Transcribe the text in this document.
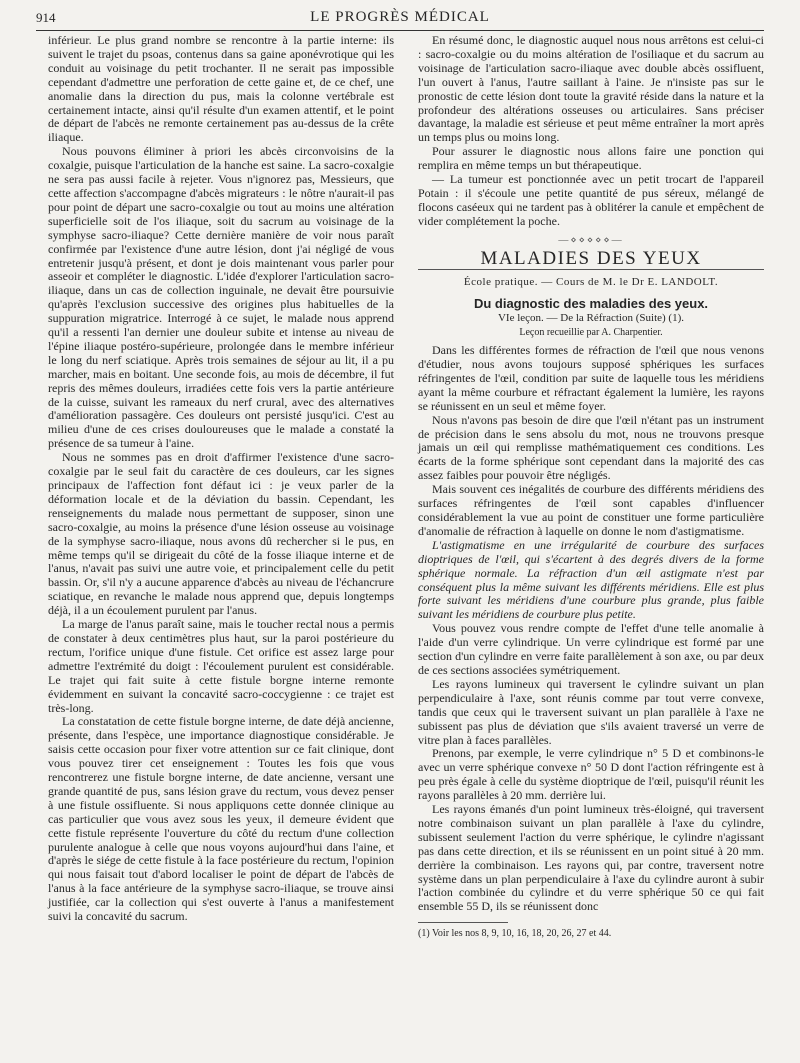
914	LE PROGRÈS MÉDICAL

inférieur. Le plus grand nombre se rencontre à la partie interne: ils suivent le trajet du psoas, contenus dans sa gaine aponévrotique qui les conduit au voisinage du petit trochanter. Il ne serait pas impossible cependant d'admettre une perforation de cette gaine et, de ce chef, une anomalie dans la direction du pus, mais la colonne vertébrale est certainement intacte, ainsi qu'il résulte d'un examen attentif, et le point de départ de l'abcès ne remonte certainement pas au-dessus de la crête iliaque.

Nous pouvons éliminer à priori les abcès circonvoisins de la coxalgie, puisque l'articulation de la hanche est saine. La sacro-coxalgie ne sera pas aussi facile à rejeter. Vous n'ignorez pas, Messieurs, que cette affection s'accompagne d'abcès migrateurs : le nôtre n'aurait-il pas pour point de départ une sacro-coxalgie ou tout au moins une altération superficielle soit de l'os iliaque, soit du sacrum au voisinage de la symphyse sacro-iliaque? Cette dernière manière de voir nous paraît confirmée par l'existence d'une autre lésion, dont j'ai négligé de vous entretenir jusqu'à présent, et dont je dois maintenant vous parler pour asseoir et compléter le diagnostic. L'idée d'explorer l'articulation sacro-iliaque, dans un cas de collection inguinale, ne devait être poursuivie qu'après l'exclusion successive des origines plus habituelles de la suppuration migratrice. Interrogé à ce sujet, le malade nous apprend qu'il a ressenti l'an dernier une douleur subite et intense au niveau de l'épine iliaque postéro-supérieure, prolongée dans le membre inférieur le long du nerf sciatique. Après trois semaines de séjour au lit, il a pu marcher, mais en boitant. Une seconde fois, au mois de décembre, il fut repris des mêmes douleurs, irradiées cette fois vers la partie antérieure de la cuisse, suivant les rameaux du nerf crural, avec des alternatives d'amélioration passagère. Ces douleurs ont persisté jusqu'ici. C'est au milieu d'une de ces crises douloureuses que le malade a constaté la présence de sa tumeur à l'aine.

Nous ne sommes pas en droit d'affirmer l'existence d'une sacro-coxalgie par le seul fait du caractère de ces douleurs, car les signes principaux de l'affection font défaut ici : je veux parler de la déformation locale et de la déviation du bassin. Cependant, les renseignements du malade nous permettant de supposer, sinon une sacro-coxalgie, au moins la présence d'une lésion osseuse au voisinage de la symphyse sacro-iliaque, nous avons dû rechercher si le pus, en même temps qu'il se dirigeait du côté de la fosse iliaque interne et de l'anus, n'avait pas suivi une autre voie, et principalement celle du petit bassin. Or, s'il n'y a aucune apparence d'abcès au niveau de l'échancrure sciatique, en revanche le malade nous apprend que, depuis longtemps déjà, il a un écoulement purulent par l'anus.

La marge de l'anus paraît saine, mais le toucher rectal nous a permis de constater à deux centimètres plus haut, sur la paroi postérieure du rectum, l'orifice unique d'une fistule. Cet orifice est assez large pour admettre l'extrémité du doigt : l'écoulement purulent est considérable. Le trajet qui fait suite à cette fistule borgne interne remonte évidemment en suivant la concavité sacro-coccygienne : ce trajet est très-long.

La constatation de cette fistule borgne interne, de date déjà ancienne, présente, dans l'espèce, une importance diagnostique considérable. Je saisis cette occasion pour fixer votre attention sur ce fait clinique, dont vous pouvez tirer cet enseignement : Toutes les fois que vous rencontrerez une fistule borgne interne, de date ancienne, versant une grande quantité de pus, sans lésion grave du rectum, vous devez penser à une fistule ossifluente. Si nous appliquons cette donnée clinique au cas particulier que vous avez sous les yeux, il demeure évident que cette fistule représente l'ouverture du côté du rectum d'une collection purulente analogue à celle que nous voyons aujourd'hui dans l'aine, et d'après le siége de cette fistule à la face postérieure du rectum, l'opinion qui nous faisait tout d'abord localiser le point de départ de l'abcès de l'anus à la face antérieure de la symphyse sacro-iliaque, se trouve ainsi justifiée, car la collection qui s'est ouverte à l'anus a manifestement suivi la concavité du sacrum.

En résumé donc, le diagnostic auquel nous nous arrêtons est celui-ci : sacro-coxalgie ou du moins altération de l'osiliaque et du sacrum au voisinage de l'articulation sacro-iliaque avec double abcès ossifluent, l'un ouvert à l'anus, l'autre saillant à l'aine. Je n'insiste pas sur le pronostic de cette lésion dont toute la gravité réside dans la nature et la profondeur des altérations osseuses ou articulaires. Sans préciser davantage, la maladie est sérieuse et peut même entraîner la mort après un temps plus ou moins long.

Pour assurer le diagnostic nous allons faire une ponction qui remplira en même temps un but thérapeutique.

— La tumeur est ponctionnée avec un petit trocart de l'appareil Potain : il s'écoule une petite quantité de pus séreux, mélangé de flocons caséeux qui ne tardent pas à oblitérer la canule et empêchent de vider complétement la poche.

—⋄⋄⋄⋄⋄—
MALADIES DES YEUX
École pratique. — Cours de M. le Dr E. LANDOLT.
Du diagnostic des maladies des yeux.
VIe leçon. — De la Réfraction (Suite) (1).
Leçon recueillie par A. Charpentier.

Dans les différentes formes de réfraction de l'œil que nous venons d'étudier, nous avons toujours supposé sphériques les surfaces réfringentes de l'œil, condition par suite de laquelle tous les méridiens ayant la même courbure et réfractant également la lumière, les rayons se réunissent en un seul et même foyer.

Nous n'avons pas besoin de dire que l'œil n'étant pas un instrument de précision dans le sens absolu du mot, nous ne trouvons presque jamais un œil qui remplisse mathématiquement ces conditions. Les écarts de la forme sphérique sont cependant dans la majorité des cas assez faibles pour pouvoir être négligés.

Mais souvent ces inégalités de courbure des différents méridiens des surfaces réfringentes de l'œil sont capables d'influencer considérablement la vue au point de constituer une forme particulière d'anomalie de réfraction à laquelle on donne le nom d'astigmatisme.

L'astigmatisme en une irrégularité de courbure des surfaces dioptriques de l'œil, qui s'écartent à des degrés divers de la forme sphérique normale. La réfraction d'un œil astigmate n'est par conséquent plus la même suivant les différents méridiens. Elle est plus forte suivant les méridiens d'une courbure plus grande, plus faible suivant les méridiens de courbure plus petite.

Vous pouvez vous rendre compte de l'effet d'une telle anomalie à l'aide d'un verre cylindrique. Un verre cylindrique est formé par une section d'un cylindre en verre faite parallèlement à son axe, ou par deux de ces sections associées symétriquement.

Les rayons lumineux qui traversent le cylindre suivant un plan perpendiculaire à l'axe, sont réunis comme par tout verre convexe, tandis que ceux qui le traversent suivant un plan parallèle à l'axe ne subissent pas plus de déviation que s'ils avaient traversé un verre de vitre plan à faces parallèles.

Prenons, par exemple, le verre cylindrique n° 5 D et combinons-le avec un verre sphérique convexe n° 50 D dont l'action réfringente est à peu près égale à celle du système dioptrique de l'œil, puisqu'il réunit les rayons parallèles à 20 mm. derrière lui.

Les rayons émanés d'un point lumineux très-éloigné, qui traversent notre combinaison suivant un plan parallèle à l'axe du cylindre, subissent seulement l'action du verre sphérique, le cylindre n'agissant pas dans cette direction, et ils se réunissent en un point situé à 20 mm. derrière la combinaison. Les rayons qui, par contre, traversent notre système dans un plan perpendiculaire à l'axe du cylindre auront à subir l'action combinée du cylindre et du verre sphérique 50 ce qui fait ensemble 55 D, ils se réunissent donc

(1) Voir les nos 8, 9, 10, 16, 18, 20, 26, 27 et 44.
